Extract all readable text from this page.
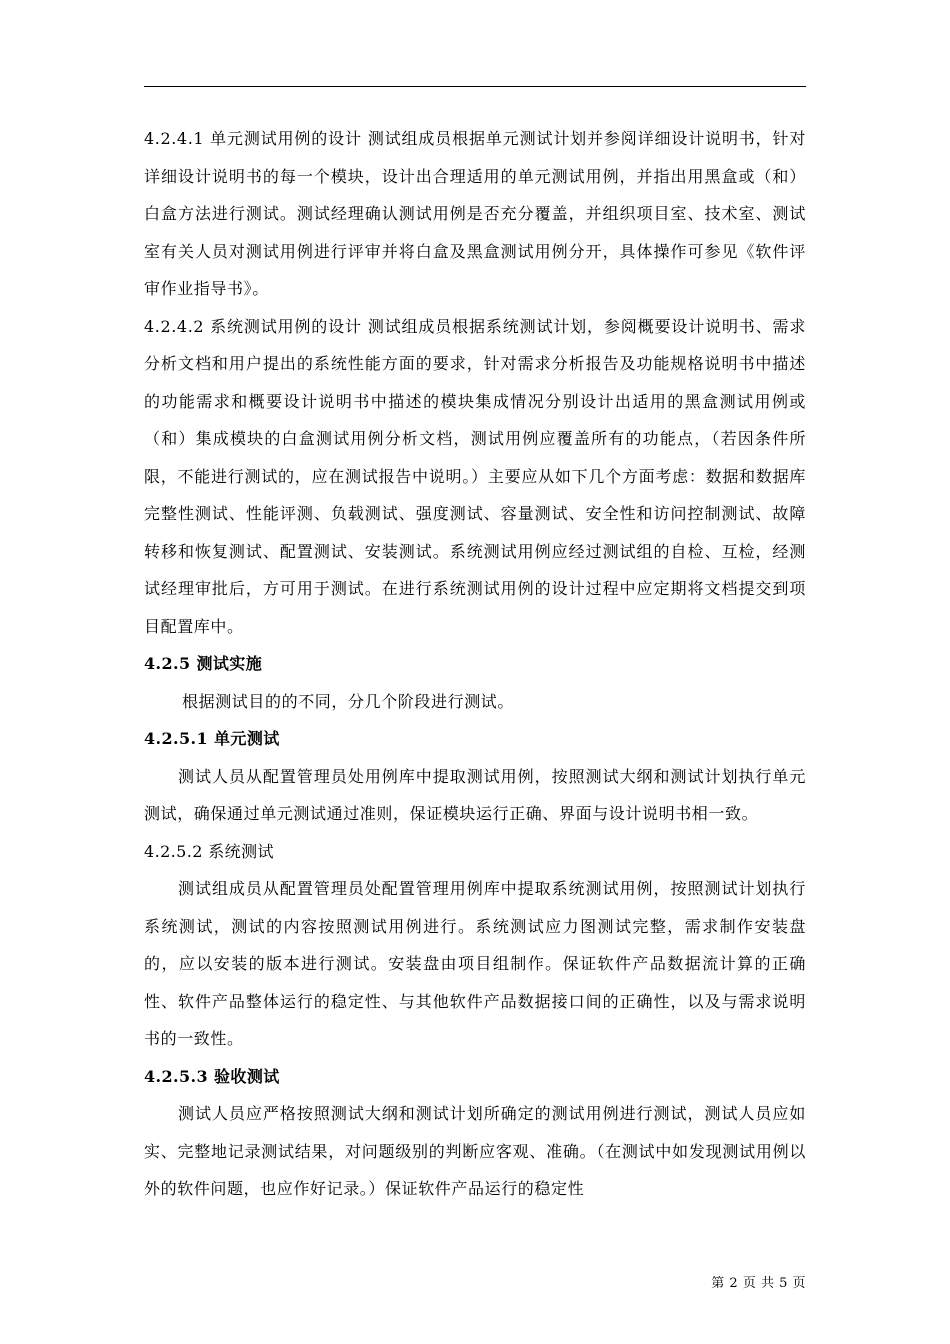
4.2.4.1 单元测试用例的设计 测试组成员根据单元测试计划并参阅详细设计说明书，针对详细设计说明书的每一个模块，设计出合理适用的单元测试用例，并指出用黑盒或（和）白盒方法进行测试。测试经理确认测试用例是否充分覆盖，并组织项目室、技术室、测试室有关人员对测试用例进行评审并将白盒及黑盒测试用例分开，具体操作可参见《软件评审作业指导书》。

4.2.4.2 系统测试用例的设计 测试组成员根据系统测试计划，参阅概要设计说明书、需求分析文档和用户提出的系统性能方面的要求，针对需求分析报告及功能规格说明书中描述的功能需求和概要设计说明书中描述的模块集成情况分别设计出适用的黑盒测试用例或（和）集成模块的白盒测试用例分析文档，测试用例应覆盖所有的功能点，（若因条件所限，不能进行测试的，应在测试报告中说明。）主要应从如下几个方面考虑：数据和数据库完整性测试、性能评测、负载测试、强度测试、容量测试、安全性和访问控制测试、故障转移和恢复测试、配置测试、安装测试。系统测试用例应经过测试组的自检、互检，经测试经理审批后，方可用于测试。在进行系统测试用例的设计过程中应定期将文档提交到项目配置库中。

4.2.5 测试实施

根据测试目的的不同，分几个阶段进行测试。

4.2.5.1 单元测试

测试人员从配置管理员处用例库中提取测试用例，按照测试大纲和测试计划执行单元测试，确保通过单元测试通过准则，保证模块运行正确、界面与设计说明书相一致。

4.2.5.2 系统测试

测试组成员从配置管理员处配置管理用例库中提取系统测试用例，按照测试计划执行系统测试，测试的内容按照测试用例进行。系统测试应力图测试完整，需求制作安装盘的，应以安装的版本进行测试。安装盘由项目组制作。保证软件产品数据流计算的正确性、软件产品整体运行的稳定性、与其他软件产品数据接口间的正确性，以及与需求说明书的一致性。

4.2.5.3 验收测试

测试人员应严格按照测试大纲和测试计划所确定的测试用例进行测试，测试人员应如实、完整地记录测试结果，对问题级别的判断应客观、准确。（在测试中如发现测试用例以外的软件问题，也应作好记录。）保证软件产品运行的稳定性

第 2 页 共 5 页
